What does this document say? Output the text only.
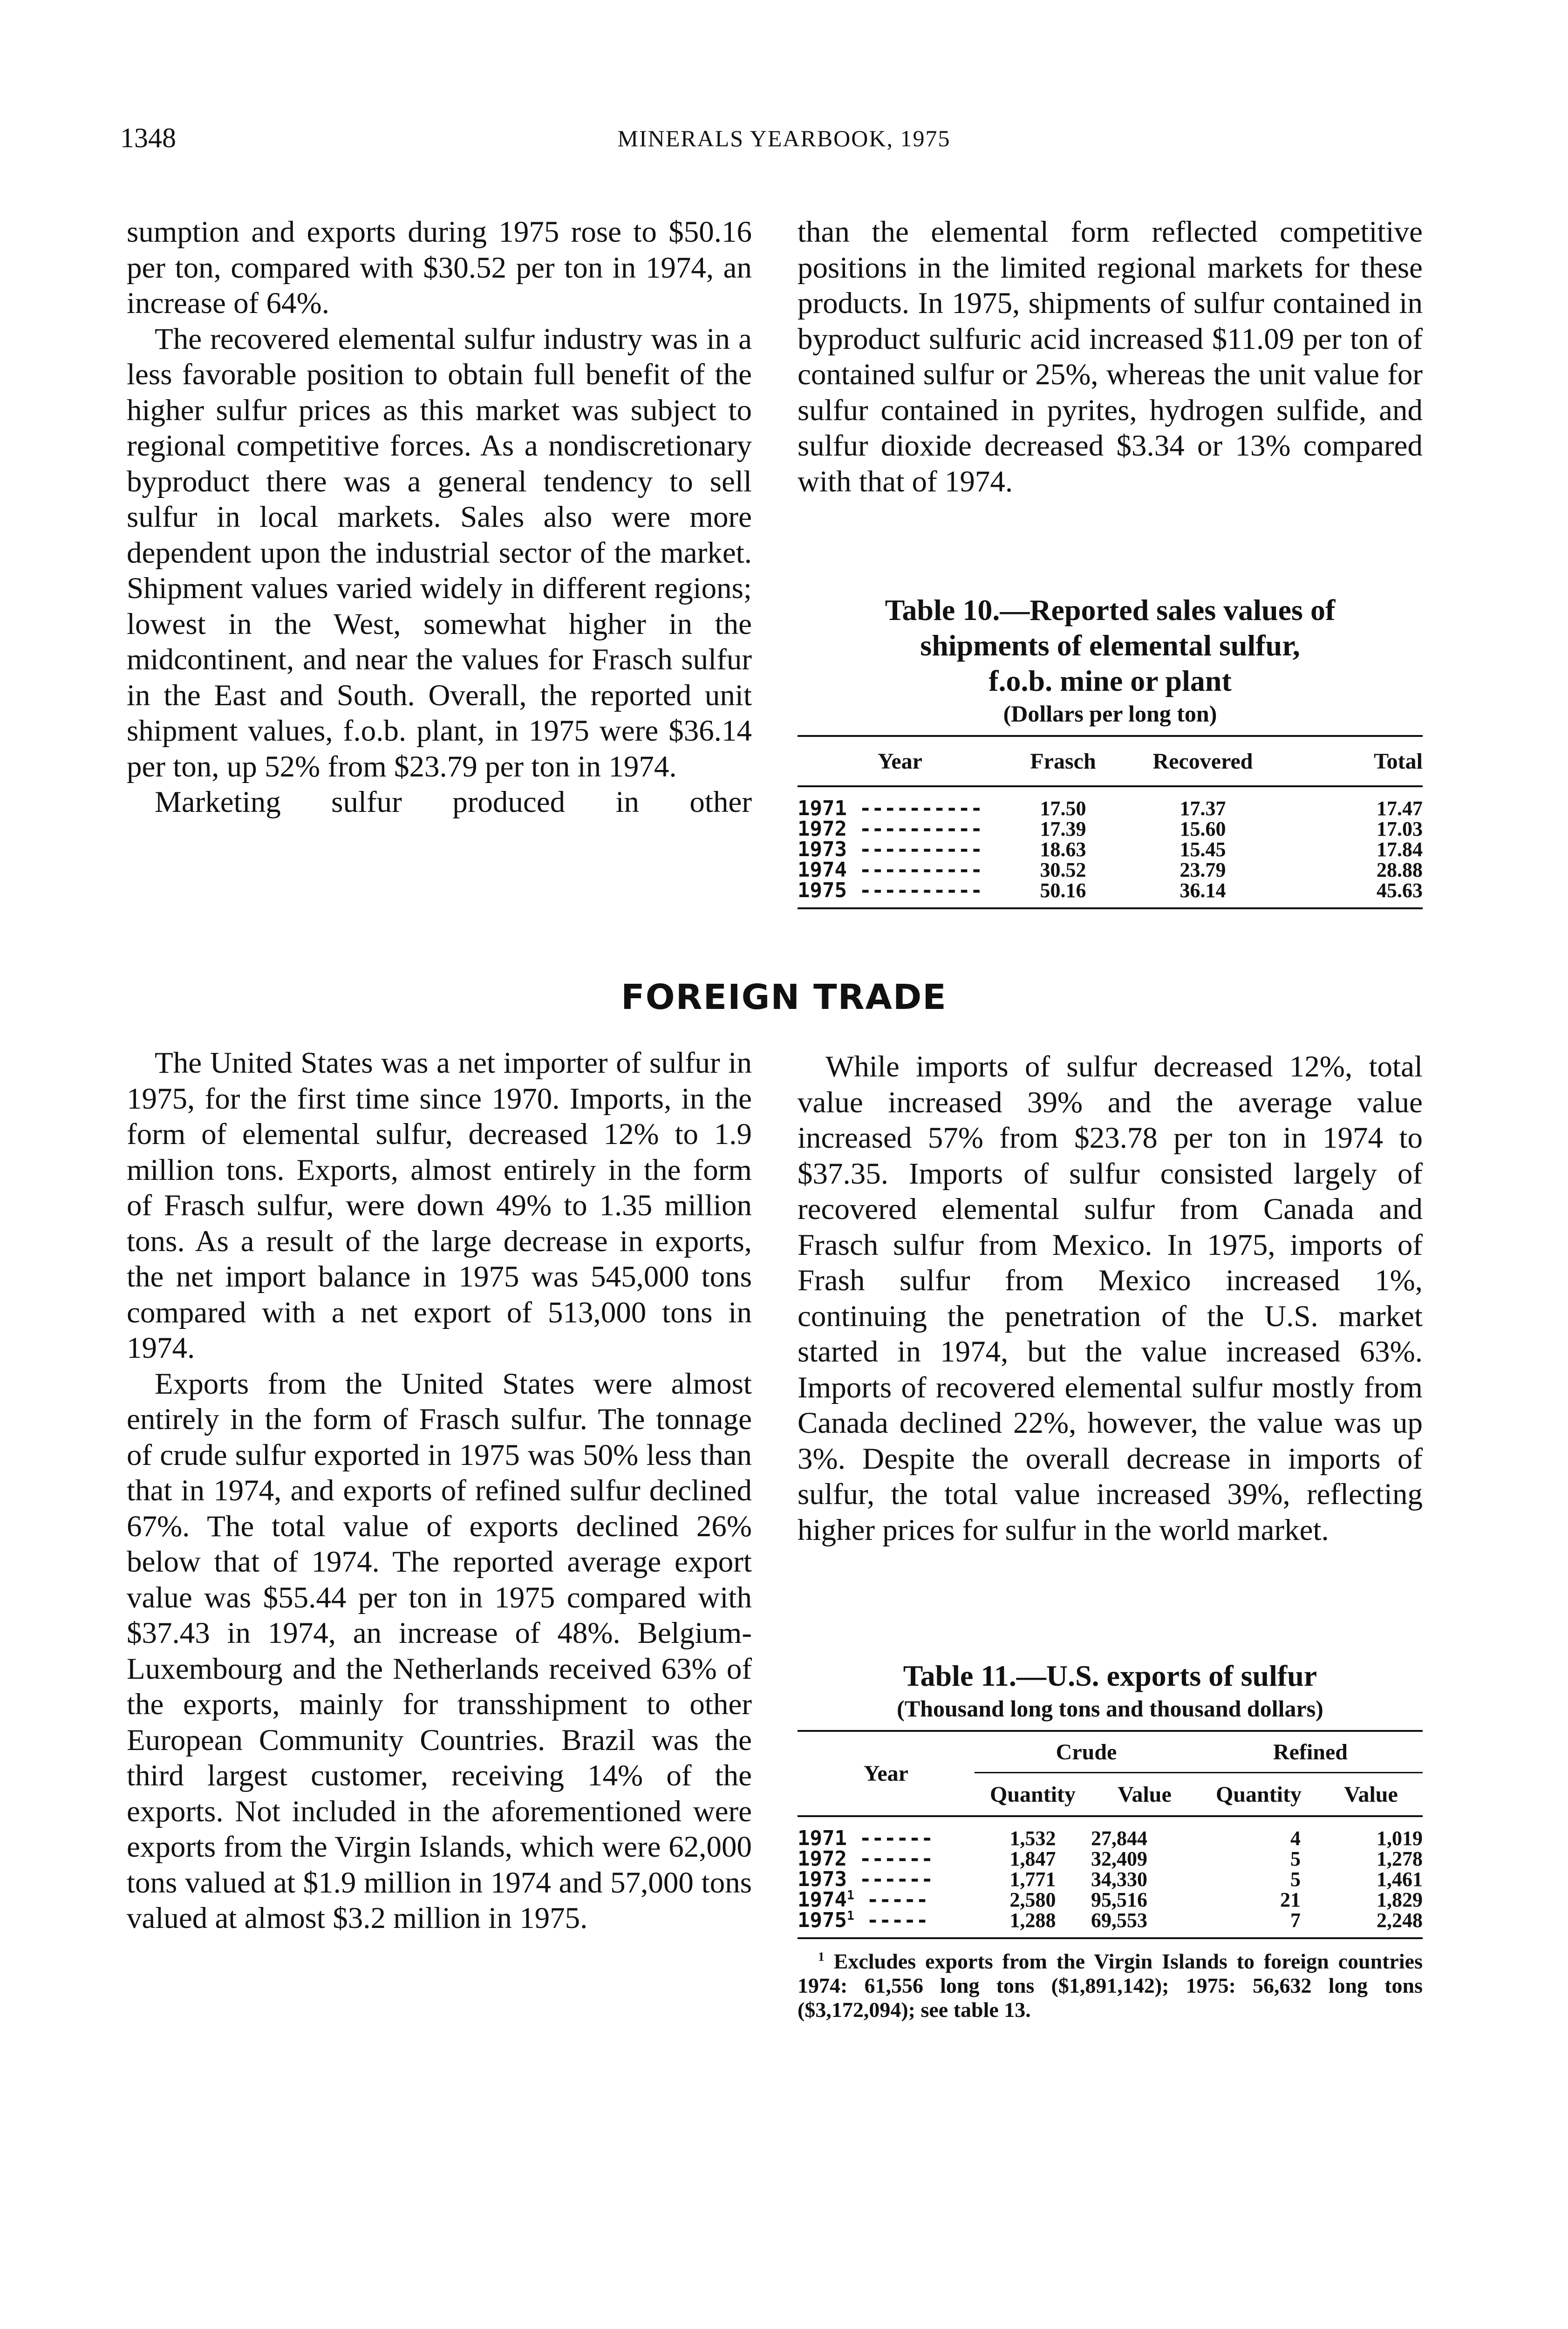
1348	MINERALS YEARBOOK, 1975

sumption and exports during 1975 rose to $50.16 per ton, compared with $30.52 per ton in 1974, an increase of 64%.

The recovered elemental sulfur industry was in a less favorable position to obtain full benefit of the higher sulfur prices as this market was subject to regional competitive forces. As a nondiscretionary byproduct there was a general tendency to sell sulfur in local markets. Sales also were more dependent upon the industrial sector of the market. Shipment values varied widely in different regions; lowest in the West, somewhat higher in the midcontinent, and near the values for Frasch sulfur in the East and South. Overall, the reported unit shipment values, f.o.b. plant, in 1975 were $36.14 per ton, up 52% from $23.79 per ton in 1974.

Marketing sulfur produced in other

than the elemental form reflected competitive positions in the limited regional markets for these products. In 1975, shipments of sulfur contained in byproduct sulfuric acid increased $11.09 per ton of contained sulfur or 25%, whereas the unit value for sulfur contained in pyrites, hydrogen sulfide, and sulfur dioxide decreased $3.34 or 13% compared with that of 1974.

Table 10.—Reported sales values of
shipments of elemental sulfur,
f.o.b. mine or plant
(Dollars per long ton)
Year	Frasch	Recovered	Total
1971 ----------	17.50	17.37	17.47
1972 ----------	17.39	15.60	17.03
1973 ----------	18.63	15.45	17.84
1974 ----------	30.52	23.79	28.88
1975 ----------	50.16	36.14	45.63
FOREIGN TRADE

The United States was a net importer of sulfur in 1975, for the first time since 1970. Imports, in the form of elemental sulfur, decreased 12% to 1.9 million tons. Exports, almost entirely in the form of Frasch sulfur, were down 49% to 1.35 million tons. As a result of the large decrease in exports, the net import balance in 1975 was 545,000 tons compared with a net export of 513,000 tons in 1974.

Exports from the United States were almost entirely in the form of Frasch sulfur. The tonnage of crude sulfur exported in 1975 was 50% less than that in 1974, and exports of refined sulfur declined 67%. The total value of exports declined 26% below that of 1974. The reported average export value was $55.44 per ton in 1975 compared with $37.43 in 1974, an increase of 48%. Belgium-Luxembourg and the Netherlands received 63% of the exports, mainly for transshipment to other European Community Countries. Brazil was the third largest customer, receiving 14% of the exports. Not included in the aforementioned were exports from the Virgin Islands, which were 62,000 tons valued at $1.9 million in 1974 and 57,000 tons valued at almost $3.2 million in 1975.

While imports of sulfur decreased 12%, total value increased 39% and the average value increased 57% from $23.78 per ton in 1974 to $37.35. Imports of sulfur consisted largely of recovered elemental sulfur from Canada and Frasch sulfur from Mexico. In 1975, imports of Frash sulfur from Mexico increased 1%, continuing the penetration of the U.S. market started in 1974, but the value increased 63%. Imports of recovered elemental sulfur mostly from Canada declined 22%, however, the value was up 3%. Despite the overall decrease in imports of sulfur, the total value increased 39%, reflecting higher prices for sulfur in the world market.

Table 11.—U.S. exports of sulfur
(Thousand long tons and thousand dollars)
Year	Crude		Refined	
	Quantity	Value	Quantity	Value
1971 ------	1,532	27,844	4	1,019
1972 ------	1,847	32,409	5	1,278
1973 ------	1,771	34,330	5	1,461
1974$^1$ -----	2,580	95,516	21	1,829
1975$^1$ -----	1,288	69,553	7	2,248
$^1$ Excludes exports from the Virgin Islands to foreign countries 1974: 61,556 long tons ($1,891,142); 1975: 56,632 long tons ($3,172,094); see table 13.
